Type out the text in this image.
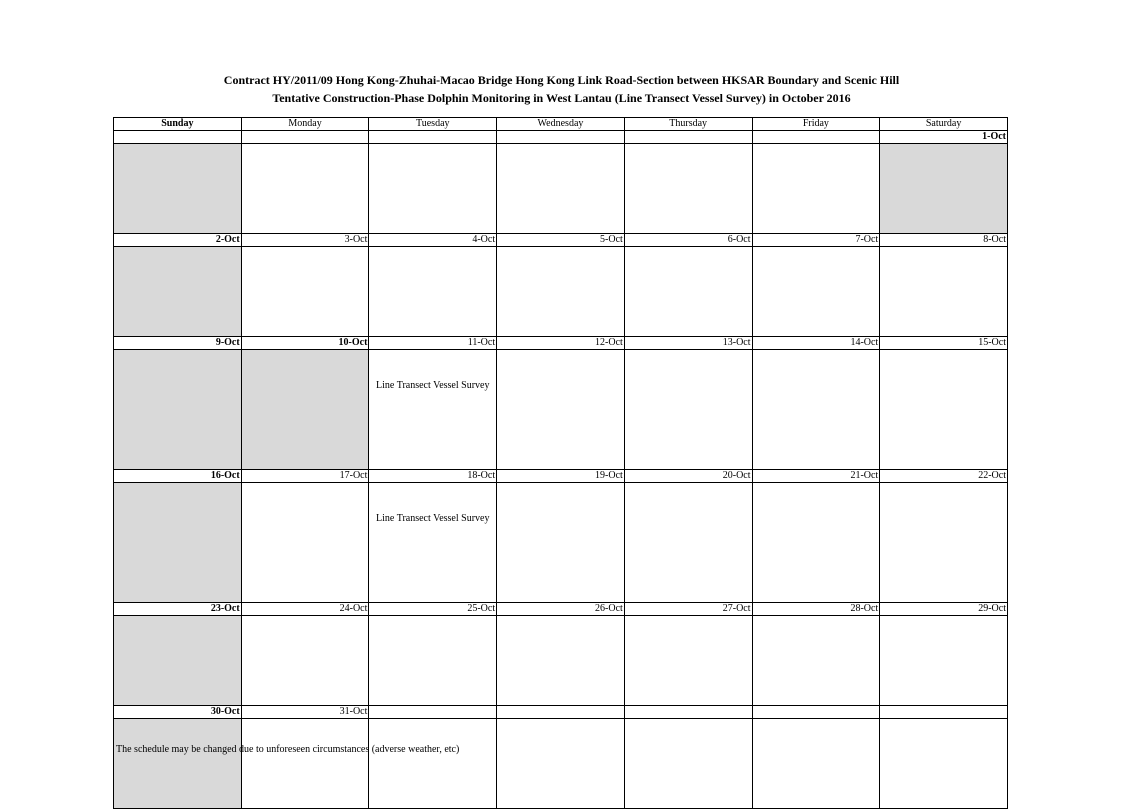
Contract HY/2011/09 Hong Kong-Zhuhai-Macao Bridge Hong Kong Link Road-Section between HKSAR Boundary and Scenic Hill
Tentative Construction-Phase Dolphin Monitoring in West Lantau (Line Transect Vessel Survey) in October 2016
Sunday	Monday	Tuesday	Wednesday	Thursday	Friday	Saturday
						1-Oct

2-Oct	3-Oct	4-Oct	5-Oct	6-Oct	7-Oct	8-Oct

9-Oct	10-Oct	11-Oct	12-Oct	13-Oct	14-Oct	15-Oct
		Line Transect Vessel Survey				
16-Oct	17-Oct	18-Oct	19-Oct	20-Oct	21-Oct	22-Oct
		Line Transect Vessel Survey				
23-Oct	24-Oct	25-Oct	26-Oct	27-Oct	28-Oct	29-Oct

30-Oct	31-Oct					

The schedule may be changed due to unforeseen circumstances (adverse weather, etc)
